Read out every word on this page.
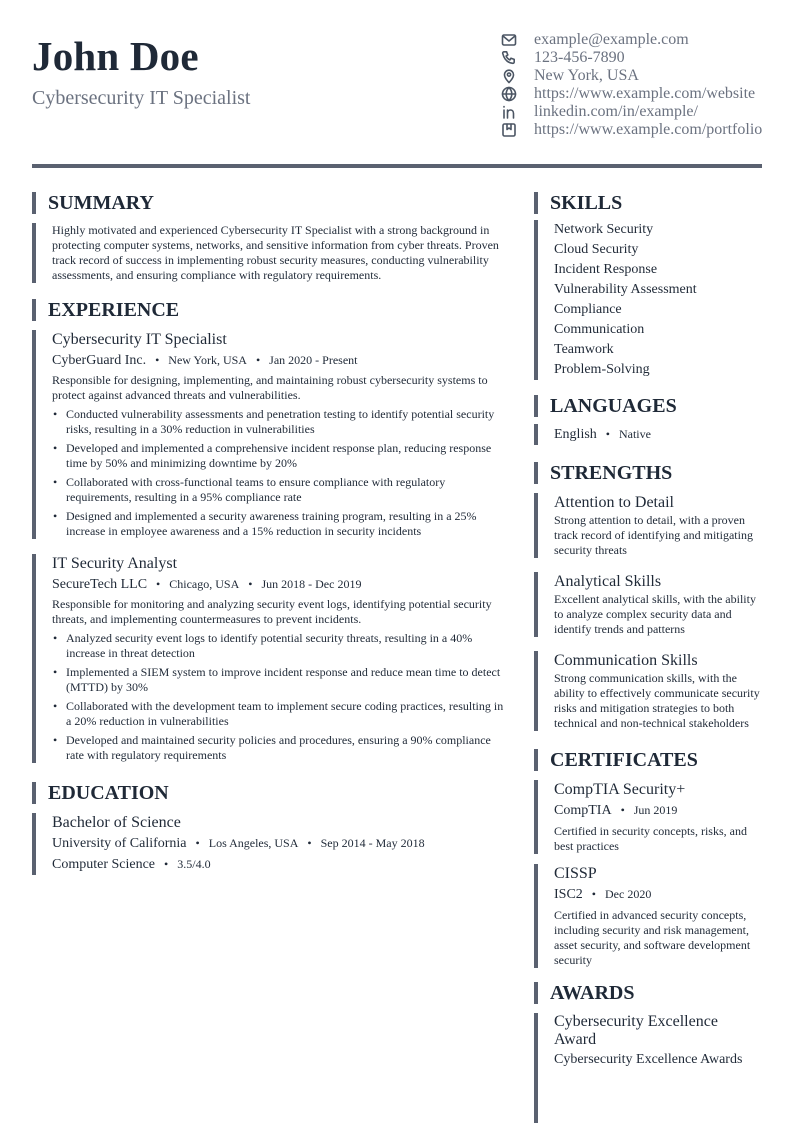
John Doe
Cybersecurity IT Specialist
example@example.com
123-456-7890
New York, USA
https://www.example.com/website
linkedin.com/in/example/
https://www.example.com/portfolio
SUMMARY
Highly motivated and experienced Cybersecurity IT Specialist with a strong background in protecting computer systems, networks, and sensitive information from cyber threats. Proven track record of success in implementing robust security measures, conducting vulnerability assessments, and ensuring compliance with regulatory requirements.
EXPERIENCE
Cybersecurity IT Specialist
CyberGuard Inc. • New York, USA • Jan 2020 - Present
Responsible for designing, implementing, and maintaining robust cybersecurity systems to protect against advanced threats and vulnerabilities.
• Conducted vulnerability assessments and penetration testing to identify potential security risks, resulting in a 30% reduction in vulnerabilities
• Developed and implemented a comprehensive incident response plan, reducing response time by 50% and minimizing downtime by 20%
• Collaborated with cross-functional teams to ensure compliance with regulatory requirements, resulting in a 95% compliance rate
• Designed and implemented a security awareness training program, resulting in a 25% increase in employee awareness and a 15% reduction in security incidents
IT Security Analyst
SecureTech LLC • Chicago, USA • Jun 2018 - Dec 2019
Responsible for monitoring and analyzing security event logs, identifying potential security threats, and implementing countermeasures to prevent incidents.
• Analyzed security event logs to identify potential security threats, resulting in a 40% increase in threat detection
• Implemented a SIEM system to improve incident response and reduce mean time to detect (MTTD) by 30%
• Collaborated with the development team to implement secure coding practices, resulting in a 20% reduction in vulnerabilities
• Developed and maintained security policies and procedures, ensuring a 90% compliance rate with regulatory requirements
EDUCATION
Bachelor of Science
University of California • Los Angeles, USA • Sep 2014 - May 2018
Computer Science • 3.5/4.0
SKILLS
Network Security
Cloud Security
Incident Response
Vulnerability Assessment
Compliance
Communication
Teamwork
Problem-Solving
LANGUAGES
English • Native
STRENGTHS
Attention to Detail
Strong attention to detail, with a proven track record of identifying and mitigating security threats
Analytical Skills
Excellent analytical skills, with the ability to analyze complex security data and identify trends and patterns
Communication Skills
Strong communication skills, with the ability to effectively communicate security risks and mitigation strategies to both technical and non-technical stakeholders
CERTIFICATES
CompTIA Security+
CompTIA • Jun 2019
Certified in security concepts, risks, and best practices
CISSP
ISC2 • Dec 2020
Certified in advanced security concepts, including security and risk management, asset security, and software development security
AWARDS
Cybersecurity Excellence Award
Cybersecurity Excellence Awards
